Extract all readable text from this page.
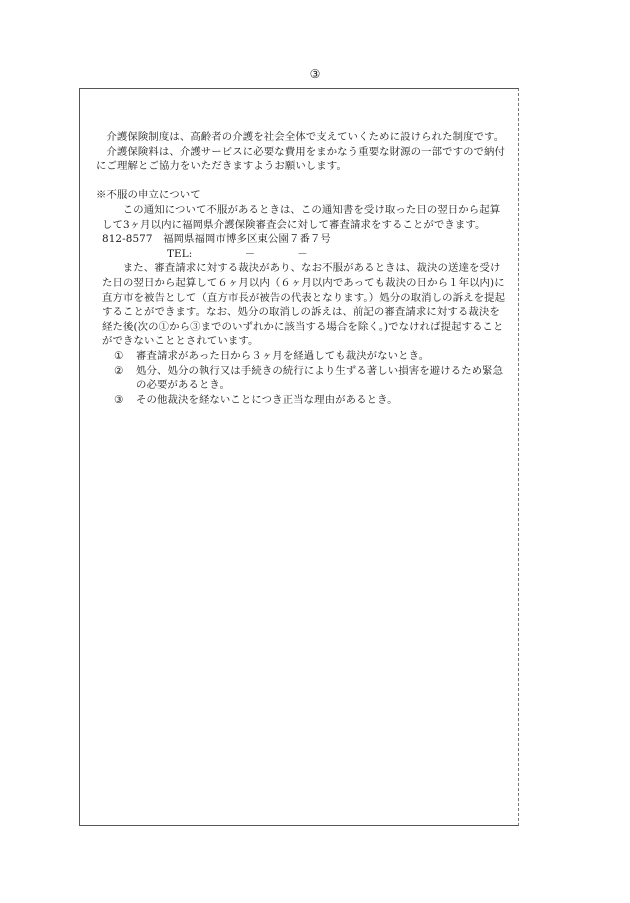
③

介護保険制度は、高齢者の介護を社会全体で支えていくために設けられた制度です。

介護保険料は、介護サービスに必要な費用をまかなう重要な財源の一部ですので納付にご理解とご協力をいただきますようお願いします。

※不服の申立について

この通知について不服があるときは、この通知書を受け取った日の翌日から起算して3ヶ月以内に福岡県介護保険審査会に対して審査請求をすることができます。

812-8577　福岡県福岡市博多区東公園７番７号

TEL:　　　　　－　　　　－

また、審査請求に対する裁決があり、なお不服があるときは、裁決の送達を受けた日の翌日から起算して６ヶ月以内（６ヶ月以内であっても裁決の日から１年以内)に直方市を被告として（直方市長が被告の代表となります。）処分の取消しの訴えを提起することができます。なお、処分の取消しの訴えは、前記の審査請求に対する裁決を経た後(次の①から③までのいずれかに該当する場合を除く。)でなければ提起することができないこととされています。

① 審査請求があった日から３ヶ月を経過しても裁決がないとき。
② 処分、処分の執行又は手続きの続行により生ずる著しい損害を避けるため緊急の必要があるとき。
③ その他裁決を経ないことにつき正当な理由があるとき。
